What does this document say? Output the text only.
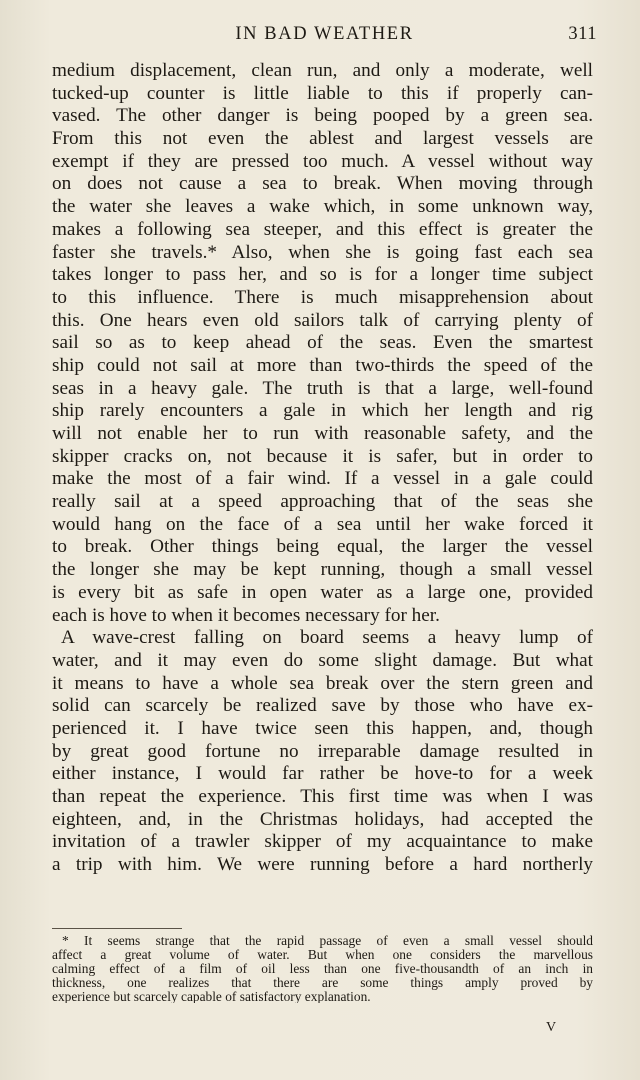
IN BAD WEATHER	311
medium displacement, clean run, and only a moderate, well
tucked-up counter is little liable to this if properly can-
vased. The other danger is being pooped by a green sea.
From this not even the ablest and largest vessels are
exempt if they are pressed too much. A vessel without way
on does not cause a sea to break. When moving through
the water she leaves a wake which, in some unknown way,
makes a following sea steeper, and this effect is greater the
faster she travels.* Also, when she is going fast each sea
takes longer to pass her, and so is for a longer time subject
to this influence. There is much misapprehension about
this. One hears even old sailors talk of carrying plenty of
sail so as to keep ahead of the seas. Even the smartest
ship could not sail at more than two-thirds the speed of the
seas in a heavy gale. The truth is that a large, well-found
ship rarely encounters a gale in which her length and rig
will not enable her to run with reasonable safety, and the
skipper cracks on, not because it is safer, but in order to
make the most of a fair wind. If a vessel in a gale could
really sail at a speed approaching that of the seas she
would hang on the face of a sea until her wake forced it
to break. Other things being equal, the larger the vessel
the longer she may be kept running, though a small vessel
is every bit as safe in open water as a large one, provided
each is hove to when it becomes necessary for her.
A wave-crest falling on board seems a heavy lump of
water, and it may even do some slight damage. But what
it means to have a whole sea break over the stern green and
solid can scarcely be realized save by those who have ex-
perienced it. I have twice seen this happen, and, though
by great good fortune no irreparable damage resulted in
either instance, I would far rather be hove-to for a week
than repeat the experience. This first time was when I was
eighteen, and, in the Christmas holidays, had accepted the
invitation of a trawler skipper of my acquaintance to make
a trip with him. We were running before a hard northerly
* It seems strange that the rapid passage of even a small vessel should
affect a great volume of water. But when one considers the marvellous
calming effect of a film of oil less than one five-thousandth of an inch in
thickness, one realizes that there are some things amply proved by
experience but scarcely capable of satisfactory explanation.
V
